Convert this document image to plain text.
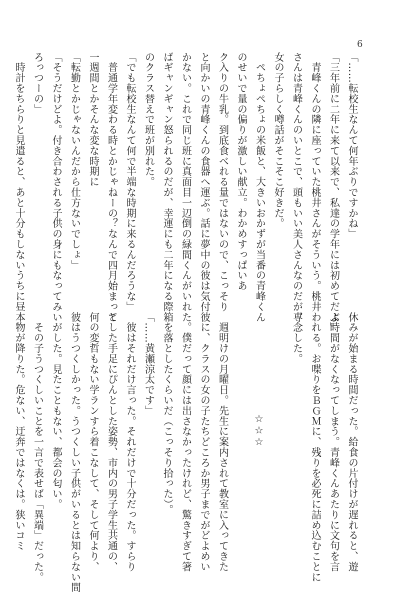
6
「……転校生なんて何年ぶりですかね」
「三年前に二年に来て以来で、私達の学年には初めてだよ」
　青峰くんの隣に座っていた桃井さんがそういう。桃井
さんは青峰くんのいとこで、頭もいい美人さんなのだが、
女の子らしく噂話がそこそこ好きだ。
　ぺちょぺちょの米飯と、大きいおかずが当番の青峰くん
のせいで量の偏りが激しい献立。わかめすっぱいあ
ク入りの牛乳。到底食べれる量ではないので、こっそり
と向かいの青峰くんの食器へ運ぶ。話に夢中の彼は気付
かない。これで同じ班に真面目一辺倒の緑間くんがいれ
ばギャンギャン怒られるのだが、幸運にも二年になる際
のクラス替えで班が別れた。
「でも転校生なんて何で半端な時期に来るんだろうな」
　普通学年変わる時とかじゃねーの？なんで四月始まって
一週間とかそんな変な時期に
「転勤とかじゃないんだから仕方ないでしょ」
「そうだけどよ。付き合わされる子供の身にもなってみ
ろっつーの」
　時計をちらりと見遣ると、あと十分もしないうちに昼
休みが始まる時間だった。給食の片付けが遅れると、遊
ぶ時間がなくなってしまう。青峰くんあたりに文句を言
われる。お喋りをＢＧＭに、残りを必死に詰め込むことに
専念した。

☆☆☆

　週明けの月曜日。先生に案内されて教室に入ってきた
彼に、クラスの女の子たちどころか男子までがどよめい
た。僕だって顔には出さなかったけれど、驚きすぎて箸
箱を落としたくらいだ（こっそり拾った）。
「……黄瀬涼太です」
　彼はそれだけ言った。それだけで十分だった。すらり
とした手足にぴんとした姿勢、市内の男子学生共通の、
何の変哲もない学ランすら着こなして、そして何より、
彼はうつくしかった。うつくしい子供がいるとは知らない間
いがした。見たこともない、都会の匂い。
　その子うつくしいことを一言で表せば「異端」だった。
本物が降りた。危ない、迂奔ではなくは。狭いコミ
